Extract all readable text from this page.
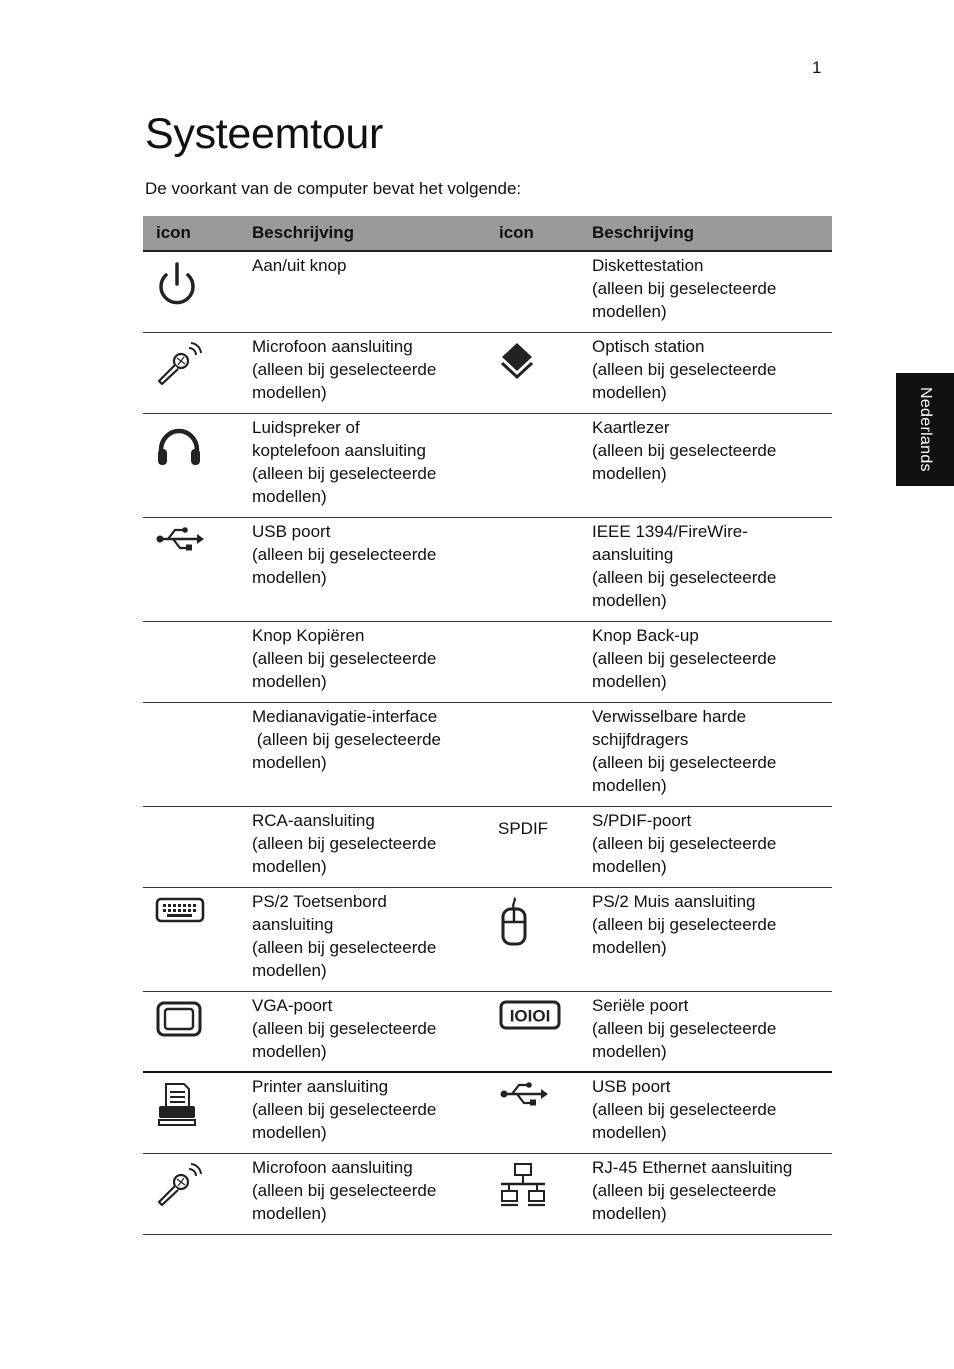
1
Systeemtour

De voorkant van de computer bevat het volgende:

Nederlands
icon	Beschrijving	icon	Beschrijving

Aan/uit knop		Diskettestation
(alleen bij geselecteerde
modellen)

Microfoon aansluiting
(alleen bij geselecteerde
modellen)		Optisch station
(alleen bij geselecteerde
modellen)

Luidspreker of
koptelefoon aansluiting
(alleen bij geselecteerde
modellen)		Kaartlezer
(alleen bij geselecteerde
modellen)

USB poort
(alleen bij geselecteerde
modellen)		IEEE 1394/FireWire-
aansluiting
(alleen bij geselecteerde
modellen)

	Knop Kopiëren
(alleen bij geselecteerde
modellen)		Knop Back-up
(alleen bij geselecteerde
modellen)

	Medianavigatie-interface
(alleen bij geselecteerde
modellen)		Verwisselbare harde
schijfdragers
(alleen bij geselecteerde
modellen)

	RCA-aansluiting
(alleen bij geselecteerde
modellen)	SPDIF	S/PDIF-poort
(alleen bij geselecteerde
modellen)

PS/2 Toetsenbord
aansluiting
(alleen bij geselecteerde
modellen)		PS/2 Muis aansluiting
(alleen bij geselecteerde
modellen)

VGA-poort
(alleen bij geselecteerde
modellen)	IOIOI	Seriële poort
(alleen bij geselecteerde
modellen)

Printer aansluiting
(alleen bij geselecteerde
modellen)		USB poort
(alleen bij geselecteerde
modellen)

Microfoon aansluiting
(alleen bij geselecteerde
modellen)		RJ-45 Ethernet aansluiting
(alleen bij geselecteerde
modellen)
